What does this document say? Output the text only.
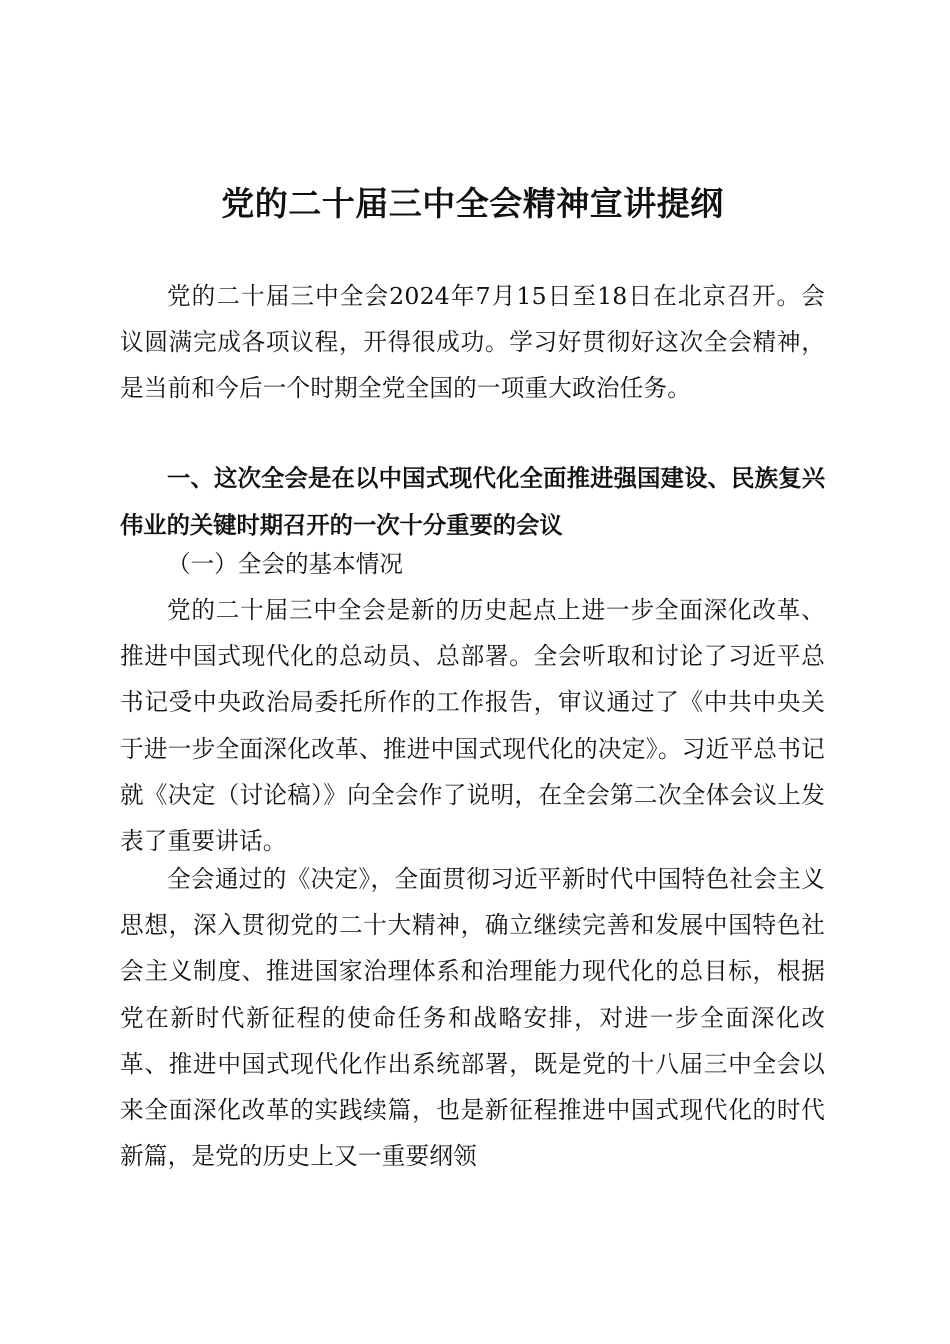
党的二十届三中全会精神宣讲提纲

党的二十届三中全会2024年7月15日至18日在北京召开。会议圆满完成各项议程，开得很成功。学习好贯彻好这次全会精神，是当前和今后一个时期全党全国的一项重大政治任务。

一、这次全会是在以中国式现代化全面推进强国建设、民族复兴伟业的关键时期召开的一次十分重要的会议

（一）全会的基本情况

党的二十届三中全会是新的历史起点上进一步全面深化改革、推进中国式现代化的总动员、总部署。全会听取和讨论了习近平总书记受中央政治局委托所作的工作报告，审议通过了《中共中央关于进一步全面深化改革、推进中国式现代化的决定》。习近平总书记就《决定（讨论稿）》向全会作了说明，在全会第二次全体会议上发表了重要讲话。

全会通过的《决定》，全面贯彻习近平新时代中国特色社会主义思想，深入贯彻党的二十大精神，确立继续完善和发展中国特色社会主义制度、推进国家治理体系和治理能力现代化的总目标，根据党在新时代新征程的使命任务和战略安排，对进一步全面深化改革、推进中国式现代化作出系统部署，既是党的十八届三中全会以来全面深化改革的实践续篇，也是新征程推进中国式现代化的时代新篇，是党的历史上又一重要纲领
